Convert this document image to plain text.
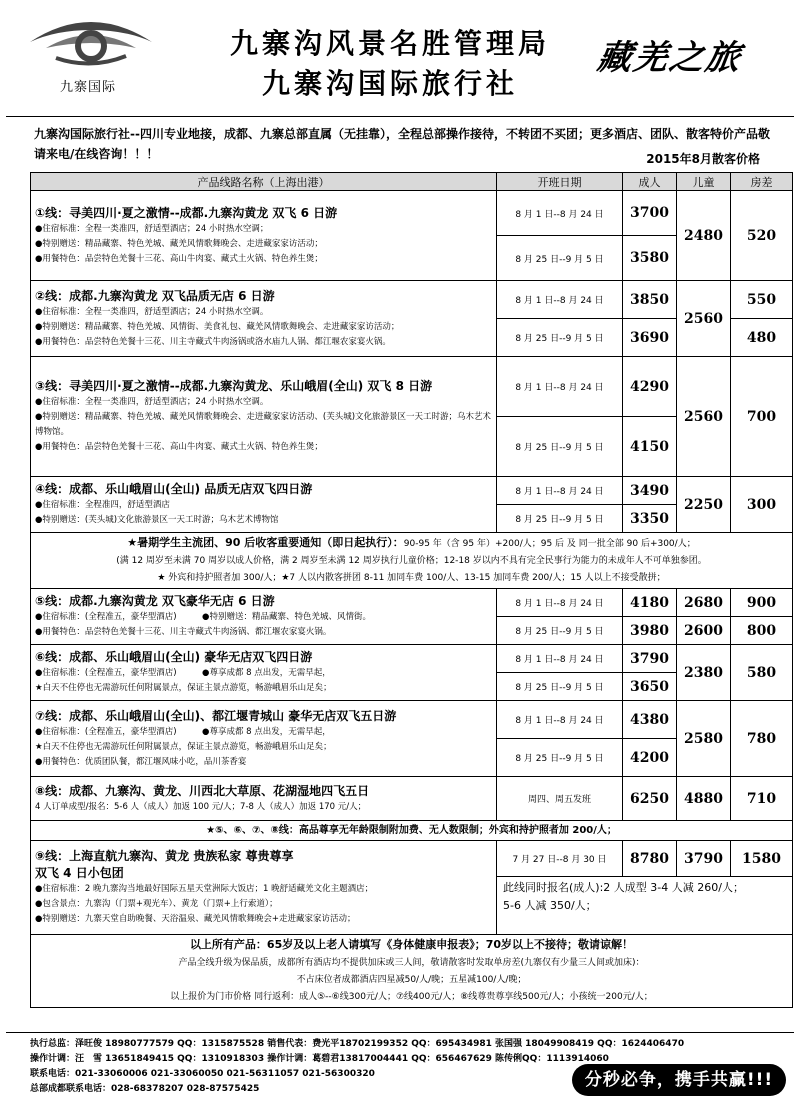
九寨国际
九寨沟风景名胜管理局
九寨沟国际旅行社
藏羌之旅
九寨沟国际旅行社--四川专业地接，成都、九寨总部直属（无挂靠），全程总部操作接待，不转团不买团；更多酒店、团队、散客特价产品敬请来电/在线咨询！！！	2015年8月散客价格
产品线路名称（上海出港）	开班日期	成人	儿童	房差

①线：寻美四川·夏之激情--成都.九寨沟黄龙 双飞 6 日游
●住宿标准：全程一类准四，舒适型酒店；24 小时热水空调；
●特别赠送：精品藏寨、特色羌城、藏羌风情歌舞晚会、走进藏家家访活动；
●用餐特色：品尝特色羌餐十三花、高山牛肉宴、藏式土火锅、特色养生煲；	8 月 1 日--8 月 24 日	3700	2480	520
	8 月 25 日--9 月 5 日	3580		

②线：成都.九寨沟黄龙 双飞品质无店 6 日游
●住宿标准：全程一类准四，舒适型酒店；24 小时热水空调。
●特别赠送：精品藏寨、特色羌城、风情街、美食礼包、藏羌风情歌舞晚会、走进藏家家访活动；
●用餐特色：品尝特色羌餐十三花、川主寺藏式牛肉汤锅或洛水庙九人锅、都江堰农家宴火锅。	8 月 1 日--8 月 24 日	3850	2560	550
	8 月 25 日--9 月 5 日	3690		480

③线：寻美四川·夏之激情--成都.九寨沟黄龙、乐山峨眉(全山) 双飞 8 日游
●住宿标准：全程一类准四，舒适型酒店；24 小时热水空调。
●特别赠送：精品藏寨、特色羌城、藏羌风情歌舞晚会、走进藏家家访活动、(芙头城)文化旅游景区一天工时游；乌木艺术博物馆。
●用餐特色：品尝特色羌餐十三花、高山牛肉宴、藏式土火锅、特色养生煲；	8 月 1 日--8 月 24 日	4290	2560	700
	8 月 25 日--9 月 5 日	4150		

④线：成都、乐山峨眉山(全山) 品质无店双飞四日游
●住宿标准：全程准四，舒适型酒店
●特别赠送：(芙头城)文化旅游景区一天工时游；乌木艺术博物馆	8 月 1 日--8 月 24 日	3490	2250	300
	8 月 25 日--9 月 5 日	3350		
★暑期学生主流团、90 后收客重要通知（即日起执行）：90-95 年（含 95 年）+200/人；95 后 及 同一批全部 90 后+300/人；
(满 12 周岁至未满 70 周岁以成人价格，满 2 周岁至未满 12 周岁执行儿童价格；12-18 岁以内不具有完全民事行为能力的未成年人不可单独参团。
★ 外宾和持护照者加 300/人；★7 人以内散客拼团 8-11 加同车费 100/人、13-15 加同车费 200/人；15 人以上不接受散拼；				

⑤线：成都.九寨沟黄龙 双飞豪华无店 6 日游
●住宿标准：(全程准五，豪华型酒店)　　　●特别赠送：精品藏寨、特色羌城、风情街。
●用餐特色：品尝特色羌餐十三花、川主寺藏式牛肉汤锅、都江堰农家宴火锅。	8 月 1 日--8 月 24 日	4180	2680	900
	8 月 25 日--9 月 5 日	3980	2600	800

⑥线：成都、乐山峨眉山(全山) 豪华无店双飞四日游
●住宿标准：(全程准五，豪华型酒店)　　　●尊享成都 8 点出发，无需早起，
★白天不住停也无需游玩任何附属景点，保证主景点游览，畅游峨眉乐山足矣；	8 月 1 日--8 月 24 日	3790	2380	580
	8 月 25 日--9 月 5 日	3650		

⑦线：成都、乐山峨眉山(全山)、都江堰青城山 豪华无店双飞五日游
●住宿标准：(全程准五，豪华型酒店)　　　●尊享成都 8 点出发，无需早起，
★白天不住停也无需游玩任何附属景点，保证主景点游览，畅游峨眉乐山足矣；
●用餐特色：优质团队餐，都江堰风味小吃，品川茶香宴	8 月 1 日--8 月 24 日	4380	2580	780
	8 月 25 日--9 月 5 日	4200		

⑧线：成都、九寨沟、黄龙、川西北大草原、花湖湿地四飞五日
4 人订单成型/报名：5-6 人（成人）加返 100 元/人；7-8 人（成人）加返 170 元/人；	周四、周五发班	6250	4880	710
★⑤、⑥、⑦、⑧线：高品尊享无年龄限制附加费、无人数限制；外宾和持护照者加 200/人；				

⑨线：上海直航九寨沟、黄龙 贵族私家 尊贵尊享
双飞 4 日小包团
●住宿标准：2 晚九寨沟当地最好国际五星天堂洲际大饭店；1 晚舒适藏羌文化主题酒店；
●包含景点：九寨沟（门票+观光车）、黄龙（门票+上行索道）；
●特别赠送：九寨天堂自助晚餐、天浴温泉、藏羌风情歌舞晚会+走进藏家家访活动；	7 月 27 日--8 月 30 日	8780	3790	1580

	此线同时报名(成人):2 人成型 3-4 人减 260/人；
5-6 人减 350/人；			

以上所有产品：65岁及以上老人请填写《身体健康申报表》；70岁以上不接待；敬请谅解！
产品全线升级为保品质，成都所有酒店均不提供加床或三人间，敬请散客时发取单房差(九寨仅有少量三人间或加床)：
不占床位者成都酒店四星减50/人/晚；五星减100/人/晚；
以上报价为门市价格 同行返利：成人⑤--⑥线300元/人；⑦线400元/人；⑧线尊贵尊享线500元/人；小孩统一200元/人；				
执行总监：泽旺俊 18980777579 QQ：1315875528 销售代表：费光平18702199352 QQ：695434981 张国强 18049908419 QQ：1624406470
操作计调：汪　雪 13651849415 QQ：1310918303 操作计调：葛碧君13817004441 QQ：656467629 陈传俐QQ：1113914060
联系电话：021-33060006 021-33060050 021-56311057 021-56300320
总部成都联系电话：028-68378207 028-87575425	分秒必争，携手共赢!!!
